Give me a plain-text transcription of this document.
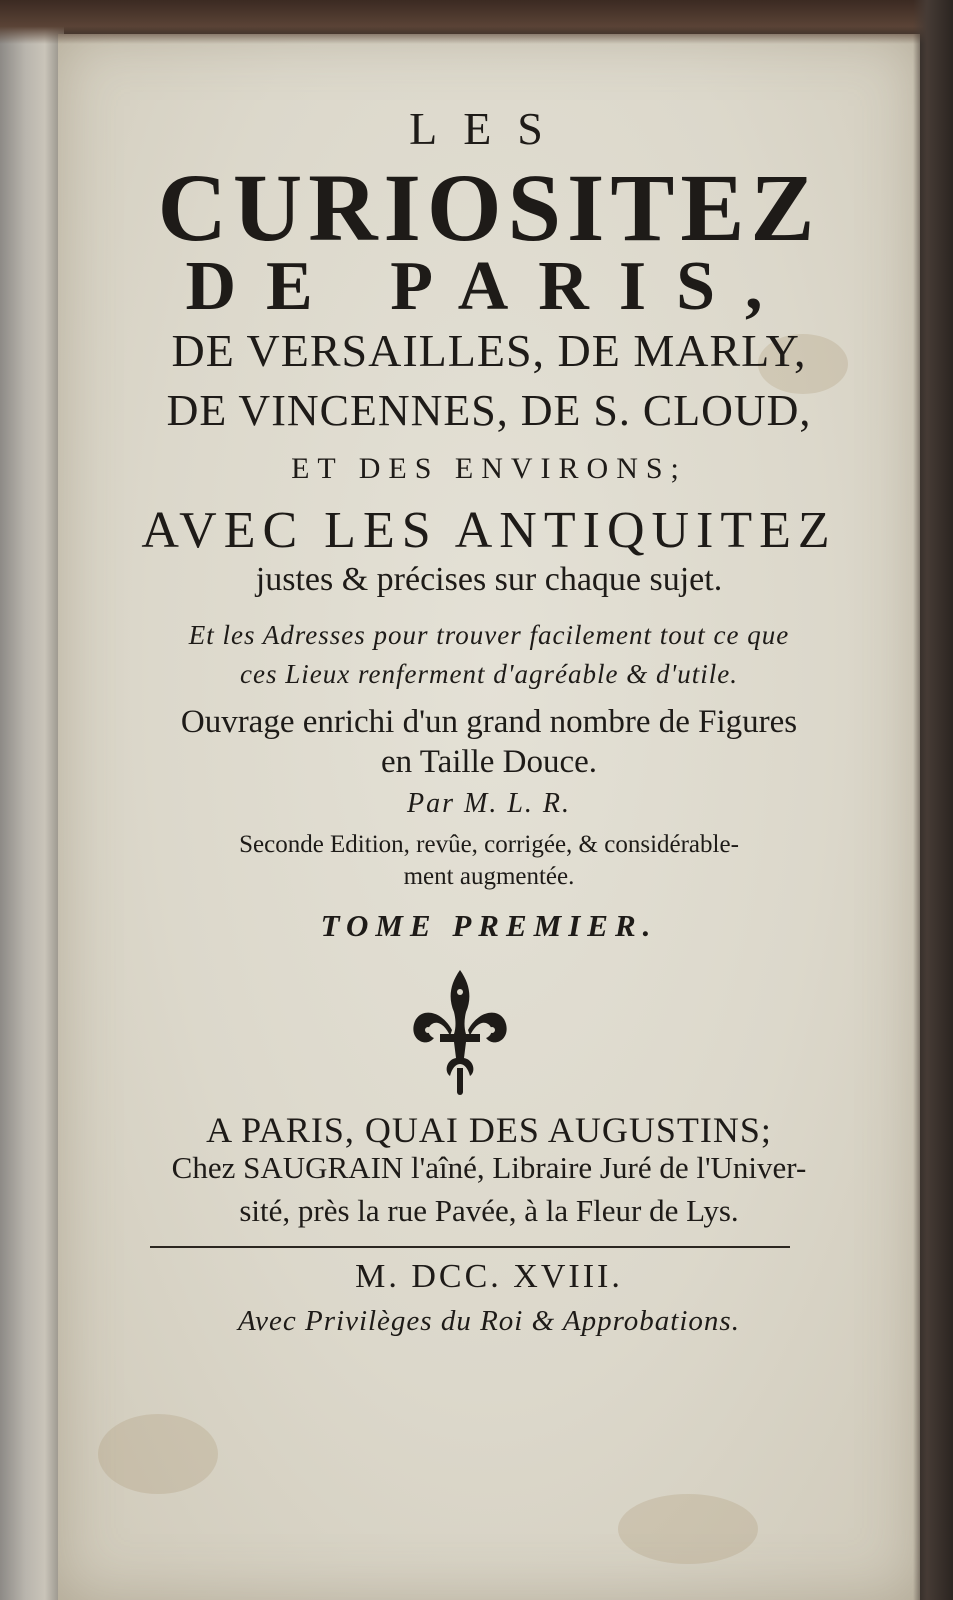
LES

CURIOSITEZ

DE PARIS,

DE VERSAILLES, DE MARLY,

DE VINCENNES, DE S. CLOUD,

ET DES ENVIRONS;

AVEC LES ANTIQUITEZ

justes & précises sur chaque sujet.

Et les Adresses pour trouver facilement tout ce que

ces Lieux renferment d'agréable & d'utile.

Ouvrage enrichi d'un grand nombre de Figures

en Taille Douce.

Par M. L. R.

Seconde Edition, revûe, corrigée, & considérable-

ment augmentée.

TOME PREMIER.

A PARIS, QUAI DES AUGUSTINS;

Chez SAUGRAIN l'aîné, Libraire Juré de l'Univer-

sité, près la rue Pavée, à la Fleur de Lys.

M. DCC. XVIII.

Avec Privilèges du Roi & Approbations.
